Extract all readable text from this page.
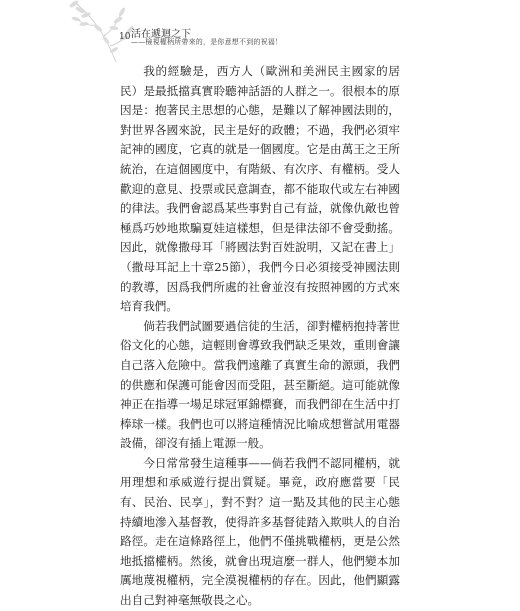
10 活在遞迴之下
——檢視權柄所帶來的，是你意想不到的祝福！

我的經驗是，西方人（歐洲和美洲民主國家的居民）是最抵擋真實聆聽神話語的人群之一。很根本的原因是：抱著民主思想的心態，是難以了解神國法則的，對世界各國來說，民主是好的政體；不過，我們必須牢記神的國度，它真的就是一個國度。它是由萬王之王所統治，在這個國度中，有階級、有次序、有權柄。受人歡迎的意見、投票或民意調查，都不能取代或左右神國的律法。我們會認爲某些事對自己有益，就像仇敵也曾極爲巧妙地欺騙夏娃這樣想，但是律法卻不會受動搖。因此，就像撒母耳「將國法對百姓說明，又記在書上」（撒母耳記上十章25節），我們今日必須接受神國法則的教導，因爲我們所處的社會並沒有按照神國的方式來培育我們。

倘若我們試圖要過信徒的生活，卻對權柄抱持著世俗文化的心態，這輕則會導致我們缺乏果效，重則會讓自己落入危險中。當我們遠離了真實生命的源頭，我們的供應和保護可能會因而受阻，甚至斷絕。這可能就像神正在指導一場足球冠軍錦標賽，而我們卻在生活中打棒球一樣。我們也可以將這種情況比喻成想嘗試用電器設備，卻沒有插上電源一般。

今日常常發生這種事——倘若我們不認同權柄，就用理想和承威遊行提出質疑。畢竟，政府應當要「民有、民治、民享」，對不對？這一點及其他的民主心態持續地滲入基督教，使得許多基督徒踏入欺哄人的自治路徑。走在這條路徑上，他們不僅挑戰權柄，更是公然地抵擋權柄。然後，就會出現這麼一群人，他們變本加厲地蔑視權柄，完全漠視權柄的存在。因此，他們顯露出自己對神毫無敬畏之心。
